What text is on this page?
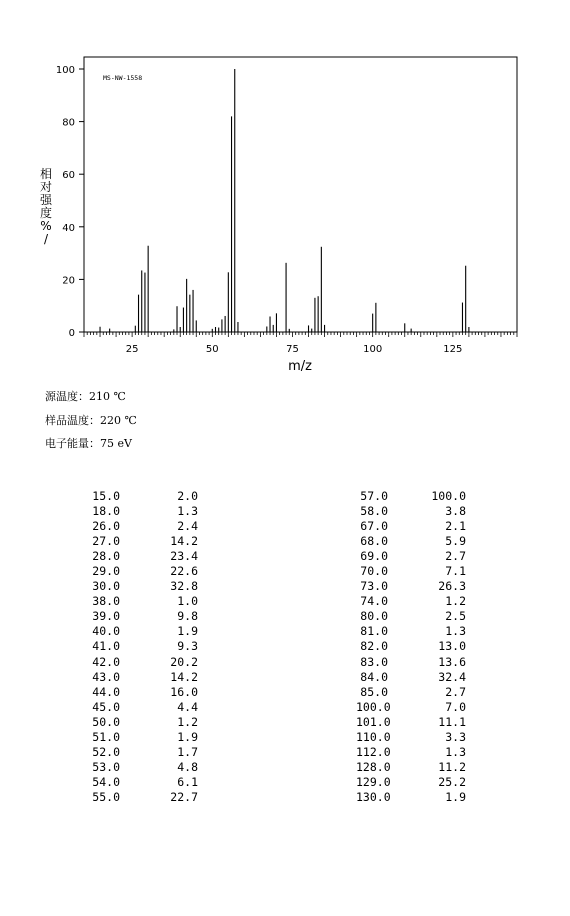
MS-NW-1558
相
对
强
度
%
/
m/z
0
20
40
60
80
100
25	50	75	100	125
源温度：210 ℃
样品温度：220 ℃
电子能量：75 eV
15.0	2.0
18.0	1.3
26.0	2.4
27.0	14.2
28.0	23.4
29.0	22.6
30.0	32.8
38.0	1.0
39.0	9.8
40.0	1.9
41.0	9.3
42.0	20.2
43.0	14.2
44.0	16.0
45.0	4.4
50.0	1.2
51.0	1.9
52.0	1.7
53.0	4.8
54.0	6.1
55.0	22.7
57.0	100.0
58.0	3.8
67.0	2.1
68.0	5.9
69.0	2.7
70.0	7.1
73.0	26.3
74.0	1.2
80.0	2.5
81.0	1.3
82.0	13.0
83.0	13.6
84.0	32.4
85.0	2.7
100.0	7.0
101.0	11.1
110.0	3.3
112.0	1.3
128.0	11.2
129.0	25.2
130.0	1.9
